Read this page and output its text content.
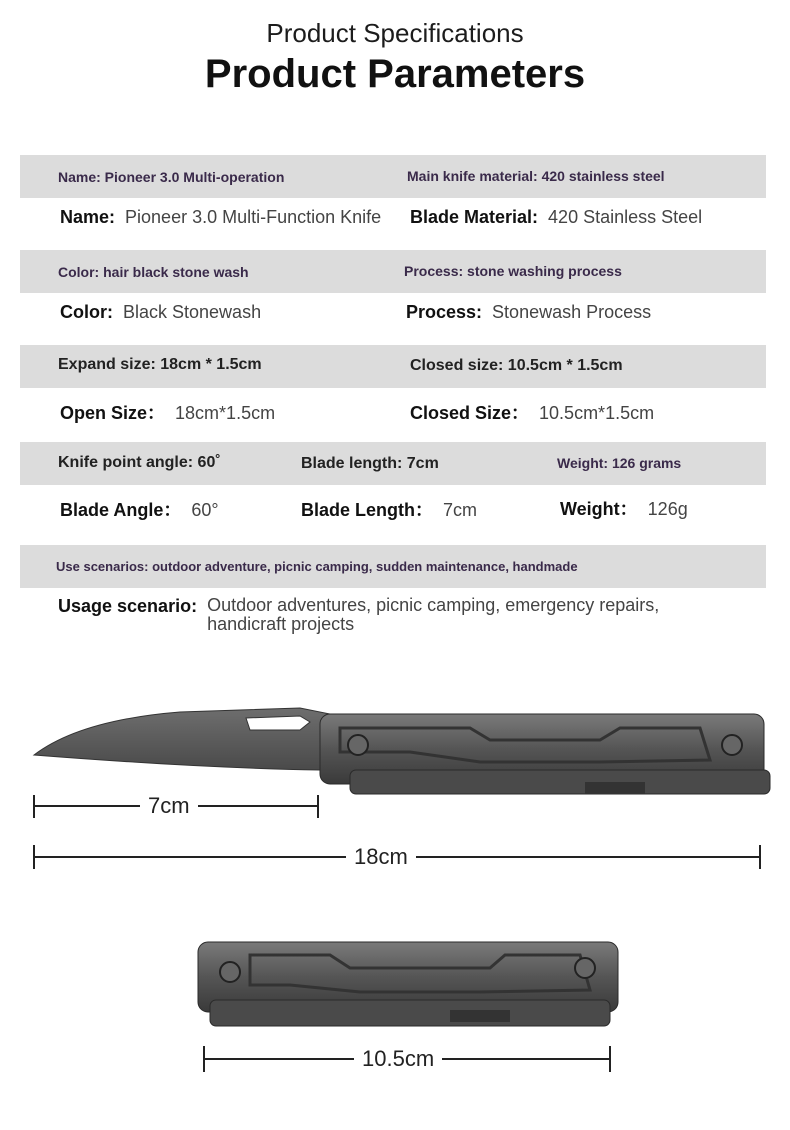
Product Specifications
Product Parameters
Name: Pioneer 3.0 Multi-operation	Main knife material: 420 stainless steel
Name: Pioneer 3.0 Multi-Function Knife Blade Material: 420 Stainless Steel
Color: hair black stone wash	Process: stone washing process
Color: Black Stonewash	Process: Stonewash Process
Expand size: 18cm * 1.5cm	Closed size: 10.5cm * 1.5cm
Open Size： 18cm*1.5cm	Closed Size： 10.5cm*1.5cm
Knife point angle: 60˚	Blade length: 7cm	Weight: 126 grams
Blade Angle： 60°	Blade Length： 7cm	Weight： 126g
Use scenarios: outdoor adventure, picnic camping, sudden maintenance, handmade
Usage scenario: Outdoor adventures, picnic camping, emergency repairs, handicraft projects
7cm
18cm
10.5cm
